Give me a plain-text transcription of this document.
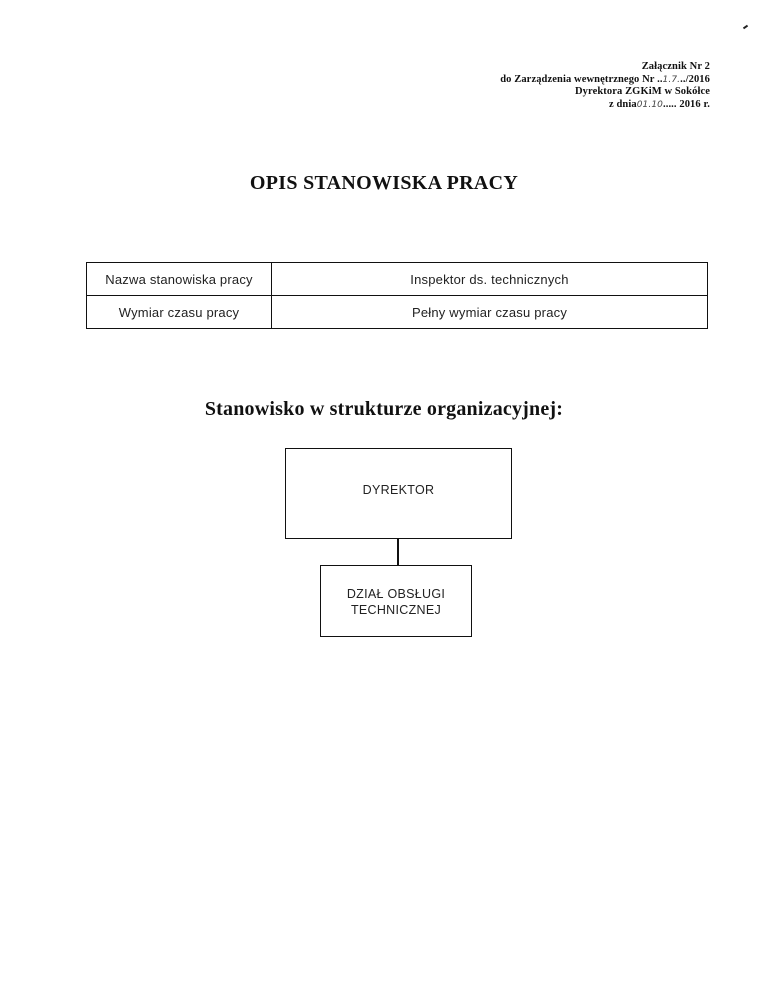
Załącznik Nr 2
do Zarządzenia wewnętrznego Nr ..1.7.../2016
Dyrektora ZGKiM w Sokółce
z dnia01.10..... 2016 r.
OPIS STANOWISKA PRACY
Nazwa stanowiska pracy	Inspektor ds. technicznych
Wymiar czasu pracy	Pełny wymiar czasu pracy
Stanowisko w strukturze organizacyjnej:
DYREKTOR
DZIAŁ OBSŁUGI
TECHNICZNEJ
